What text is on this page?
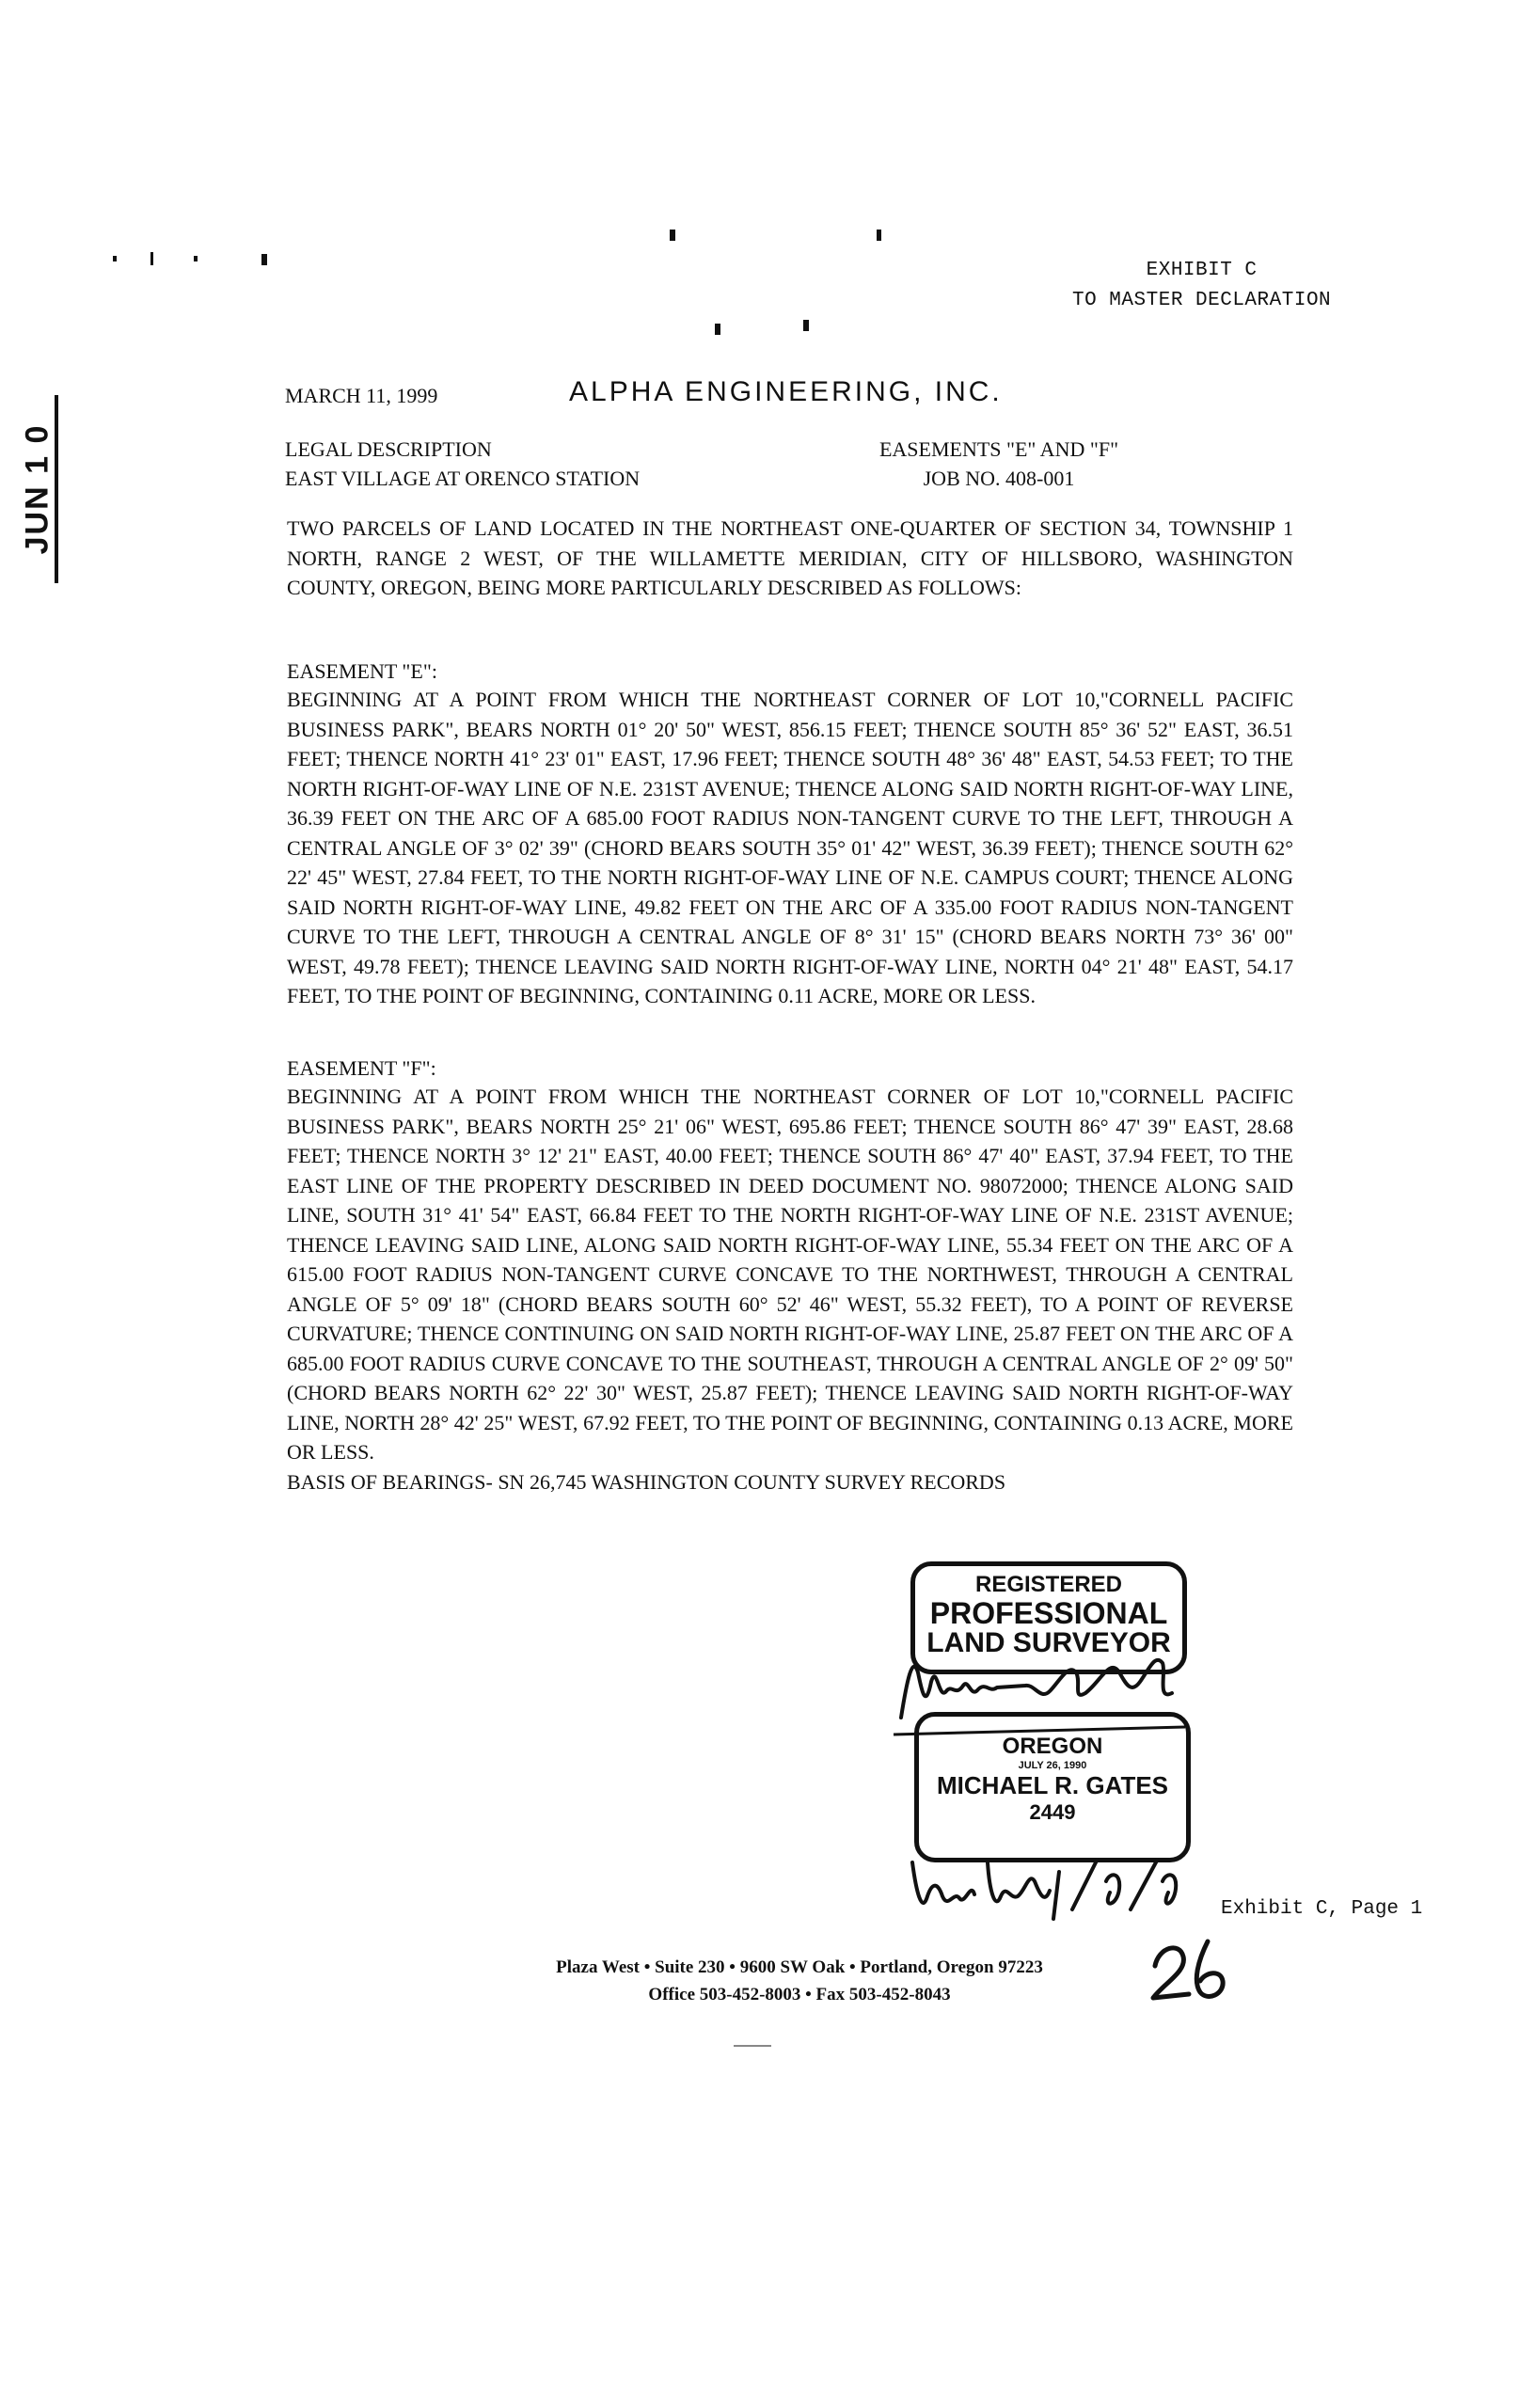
EXHIBIT C
TO MASTER DECLARATION
JUN 1 0
MARCH 11, 1999	ALPHA ENGINEERING, INC.
LEGAL DESCRIPTION
EAST VILLAGE AT ORENCO STATION
EASEMENTS "E" AND "F"
JOB NO. 408-001

TWO PARCELS OF LAND LOCATED IN THE NORTHEAST ONE-QUARTER OF SECTION 34, TOWNSHIP 1 NORTH, RANGE 2 WEST, OF THE WILLAMETTE MERIDIAN, CITY OF HILLSBORO, WASHINGTON COUNTY, OREGON, BEING MORE PARTICULARLY DESCRIBED AS FOLLOWS:

EASEMENT "E":

BEGINNING AT A POINT FROM WHICH THE NORTHEAST CORNER OF LOT 10,"CORNELL PACIFIC BUSINESS PARK", BEARS NORTH 01° 20' 50" WEST, 856.15 FEET; THENCE SOUTH 85° 36' 52" EAST, 36.51 FEET; THENCE NORTH 41° 23' 01" EAST, 17.96 FEET; THENCE SOUTH 48° 36' 48" EAST, 54.53 FEET; TO THE NORTH RIGHT-OF-WAY LINE OF N.E. 231ST AVENUE; THENCE ALONG SAID NORTH RIGHT-OF-WAY LINE, 36.39 FEET ON THE ARC OF A 685.00 FOOT RADIUS NON-TANGENT CURVE TO THE LEFT, THROUGH A CENTRAL ANGLE OF 3° 02' 39" (CHORD BEARS SOUTH 35° 01' 42" WEST, 36.39 FEET); THENCE SOUTH 62° 22' 45" WEST, 27.84 FEET, TO THE NORTH RIGHT-OF-WAY LINE OF N.E. CAMPUS COURT; THENCE ALONG SAID NORTH RIGHT-OF-WAY LINE, 49.82 FEET ON THE ARC OF A 335.00 FOOT RADIUS NON-TANGENT CURVE TO THE LEFT, THROUGH A CENTRAL ANGLE OF 8° 31' 15" (CHORD BEARS NORTH 73° 36' 00" WEST, 49.78 FEET); THENCE LEAVING SAID NORTH RIGHT-OF-WAY LINE, NORTH 04° 21' 48" EAST, 54.17 FEET, TO THE POINT OF BEGINNING, CONTAINING 0.11 ACRE, MORE OR LESS.

EASEMENT "F":

BEGINNING AT A POINT FROM WHICH THE NORTHEAST CORNER OF LOT 10,"CORNELL PACIFIC BUSINESS PARK", BEARS NORTH 25° 21' 06" WEST, 695.86 FEET; THENCE SOUTH 86° 47' 39" EAST, 28.68 FEET; THENCE NORTH 3° 12' 21" EAST, 40.00 FEET; THENCE SOUTH 86° 47' 40" EAST, 37.94 FEET, TO THE EAST LINE OF THE PROPERTY DESCRIBED IN DEED DOCUMENT NO. 98072000; THENCE ALONG SAID LINE, SOUTH 31° 41' 54" EAST, 66.84 FEET TO THE NORTH RIGHT-OF-WAY LINE OF N.E. 231ST AVENUE; THENCE LEAVING SAID LINE, ALONG SAID NORTH RIGHT-OF-WAY LINE, 55.34 FEET ON THE ARC OF A 615.00 FOOT RADIUS NON-TANGENT CURVE CONCAVE TO THE NORTHWEST, THROUGH A CENTRAL ANGLE OF 5° 09' 18" (CHORD BEARS SOUTH 60° 52' 46" WEST, 55.32 FEET), TO A POINT OF REVERSE CURVATURE; THENCE CONTINUING ON SAID NORTH RIGHT-OF-WAY LINE, 25.87 FEET ON THE ARC OF A 685.00 FOOT RADIUS CURVE CONCAVE TO THE SOUTHEAST, THROUGH A CENTRAL ANGLE OF 2° 09' 50" (CHORD BEARS NORTH 62° 22' 30" WEST, 25.87 FEET); THENCE LEAVING SAID NORTH RIGHT-OF-WAY LINE, NORTH 28° 42' 25" WEST, 67.92 FEET, TO THE POINT OF BEGINNING, CONTAINING 0.13 ACRE, MORE OR LESS.

BASIS OF BEARINGS- SN 26,745 WASHINGTON COUNTY SURVEY RECORDS

REGISTERED
PROFESSIONAL
LAND SURVEYOR
OREGON
JULY 26, 1990
MICHAEL R. GATES
2449
Exhibit C, Page 1
Plaza West • Suite 230 • 9600 SW Oak • Portland, Oregon 97223
Office 503-452-8003 • Fax 503-452-8043
